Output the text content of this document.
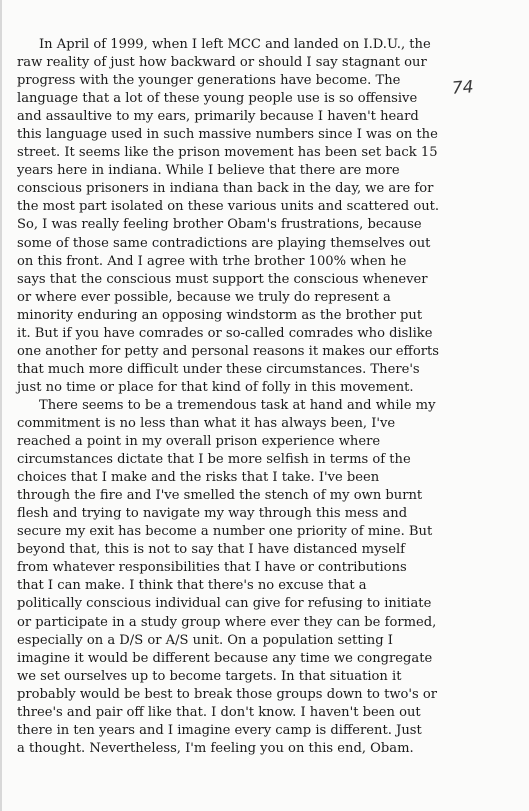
74
In April of 1999, when I left MCC and landed on I.D.U., the
raw reality of just how backward or should I say stagnant our
progress with the younger generations have become. The
language that a lot of these young people use is so offensive
and assaultive to my ears, primarily because I haven't heard
this language used in such massive numbers since I was on the
street. It seems like the prison movement has been set back 15
years here in indiana. While I believe that there are more
conscious prisoners in indiana than back in the day, we are for
the most part isolated on these various units and scattered out.
So, I was really feeling brother Obam's frustrations, because
some of those same contradictions are playing themselves out
on this front. And I agree with trhe brother 100% when he
says that the conscious must support the conscious whenever
or where ever possible, because we truly do represent a
minority enduring an opposing windstorm as the brother put
it. But if you have comrades or so-called comrades who dislike
one another for petty and personal reasons it makes our efforts
that much more difficult under these circumstances. There's
just no time or place for that kind of folly in this movement.
There seems to be a tremendous task at hand and while my
commitment is no less than what it has always been, I've
reached a point in my overall prison experience where
circumstances dictate that I be more selfish in terms of the
choices that I make and the risks that I take. I've been
through the fire and I've smelled the stench of my own burnt
flesh and trying to navigate my way through this mess and
secure my exit has become a number one priority of mine. But
beyond that, this is not to say that I have distanced myself
from whatever responsibilities that I have or contributions
that I can make. I think that there's no excuse that a
politically conscious individual can give for refusing to initiate
or participate in a study group where ever they can be formed,
especially on a D/S or A/S unit. On a population setting I
imagine it would be different because any time we congregate
we set ourselves up to become targets. In that situation it
probably would be best to break those groups down to two's or
three's and pair off like that. I don't know. I haven't been out
there in ten years and I imagine every camp is different. Just
a thought. Nevertheless, I'm feeling you on this end, Obam.
